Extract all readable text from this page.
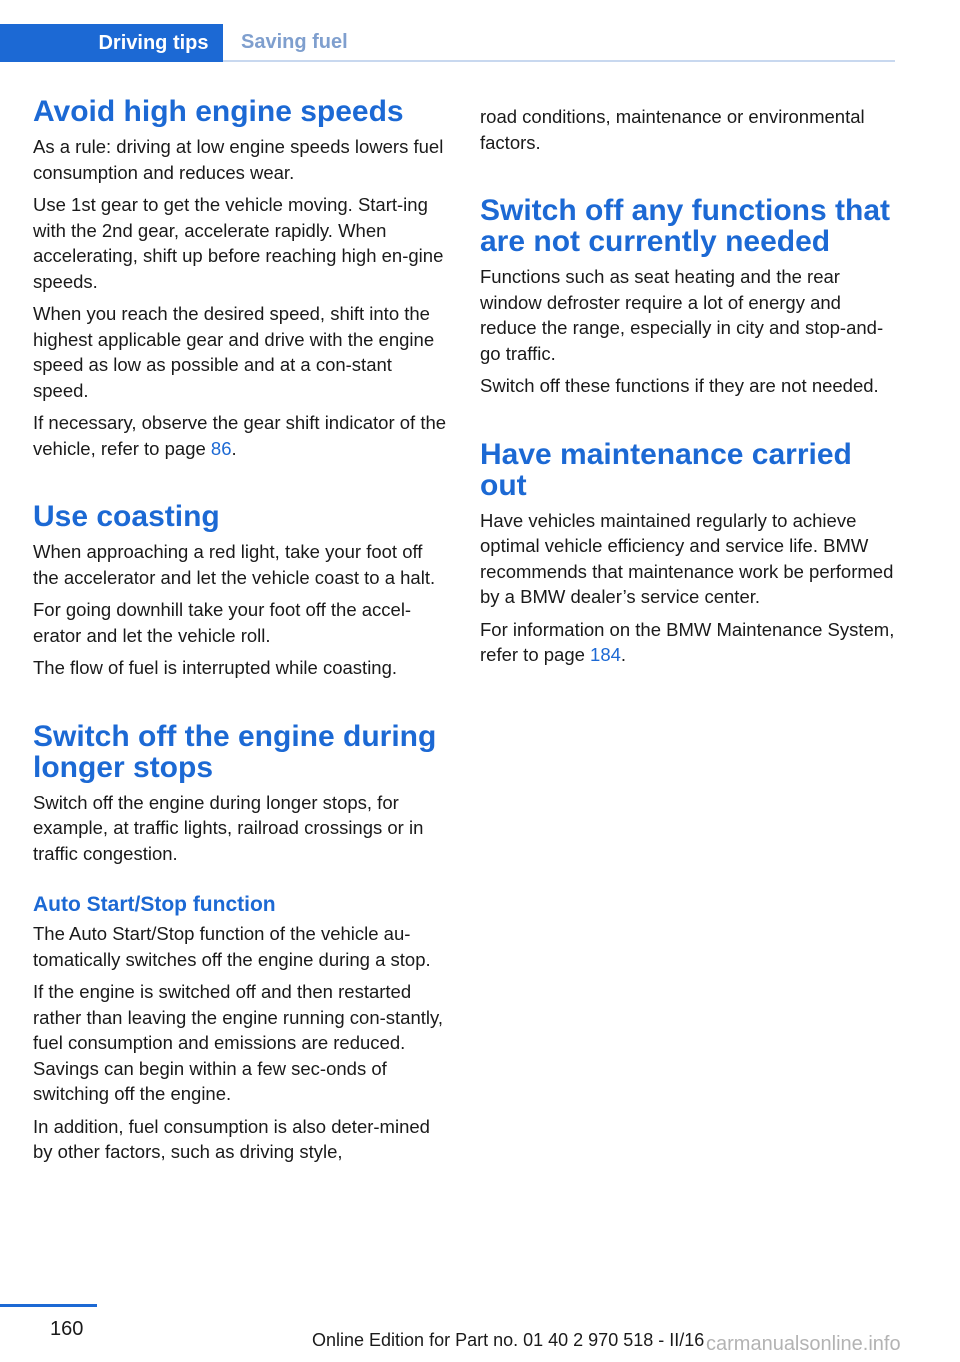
Driving tips	Saving fuel
Avoid high engine speeds

As a rule: driving at low engine speeds lowers fuel consumption and reduces wear.

Use 1st gear to get the vehicle moving. Start‐ing with the 2nd gear, accelerate rapidly. When accelerating, shift up before reaching high en‐gine speeds.

When you reach the desired speed, shift into the highest applicable gear and drive with the engine speed as low as possible and at a con‐stant speed.

If necessary, observe the gear shift indicator of the vehicle, refer to page 86.

Use coasting

When approaching a red light, take your foot off the accelerator and let the vehicle coast to a halt.

For going downhill take your foot off the accel‐erator and let the vehicle roll.

The flow of fuel is interrupted while coasting.

Switch off the engine during longer stops

Switch off the engine during longer stops, for example, at traffic lights, railroad crossings or in traffic congestion.

Auto Start/Stop function

The Auto Start/Stop function of the vehicle au‐tomatically switches off the engine during a stop.

If the engine is switched off and then restarted rather than leaving the engine running con‐stantly, fuel consumption and emissions are reduced. Savings can begin within a few sec‐onds of switching off the engine.

In addition, fuel consumption is also deter‐mined by other factors, such as driving style,

road conditions, maintenance or environmental factors.

Switch off any functions that are not currently needed

Functions such as seat heating and the rear window defroster require a lot of energy and reduce the range, especially in city and stop-and-go traffic.

Switch off these functions if they are not needed.

Have maintenance carried out

Have vehicles maintained regularly to achieve optimal vehicle efficiency and service life. BMW recommends that maintenance work be performed by a BMW dealer’s service center.

For information on the BMW Maintenance System, refer to page 184.

160	Online Edition for Part no. 01 40 2 970 518 - II/16 carmanualsonline.info
